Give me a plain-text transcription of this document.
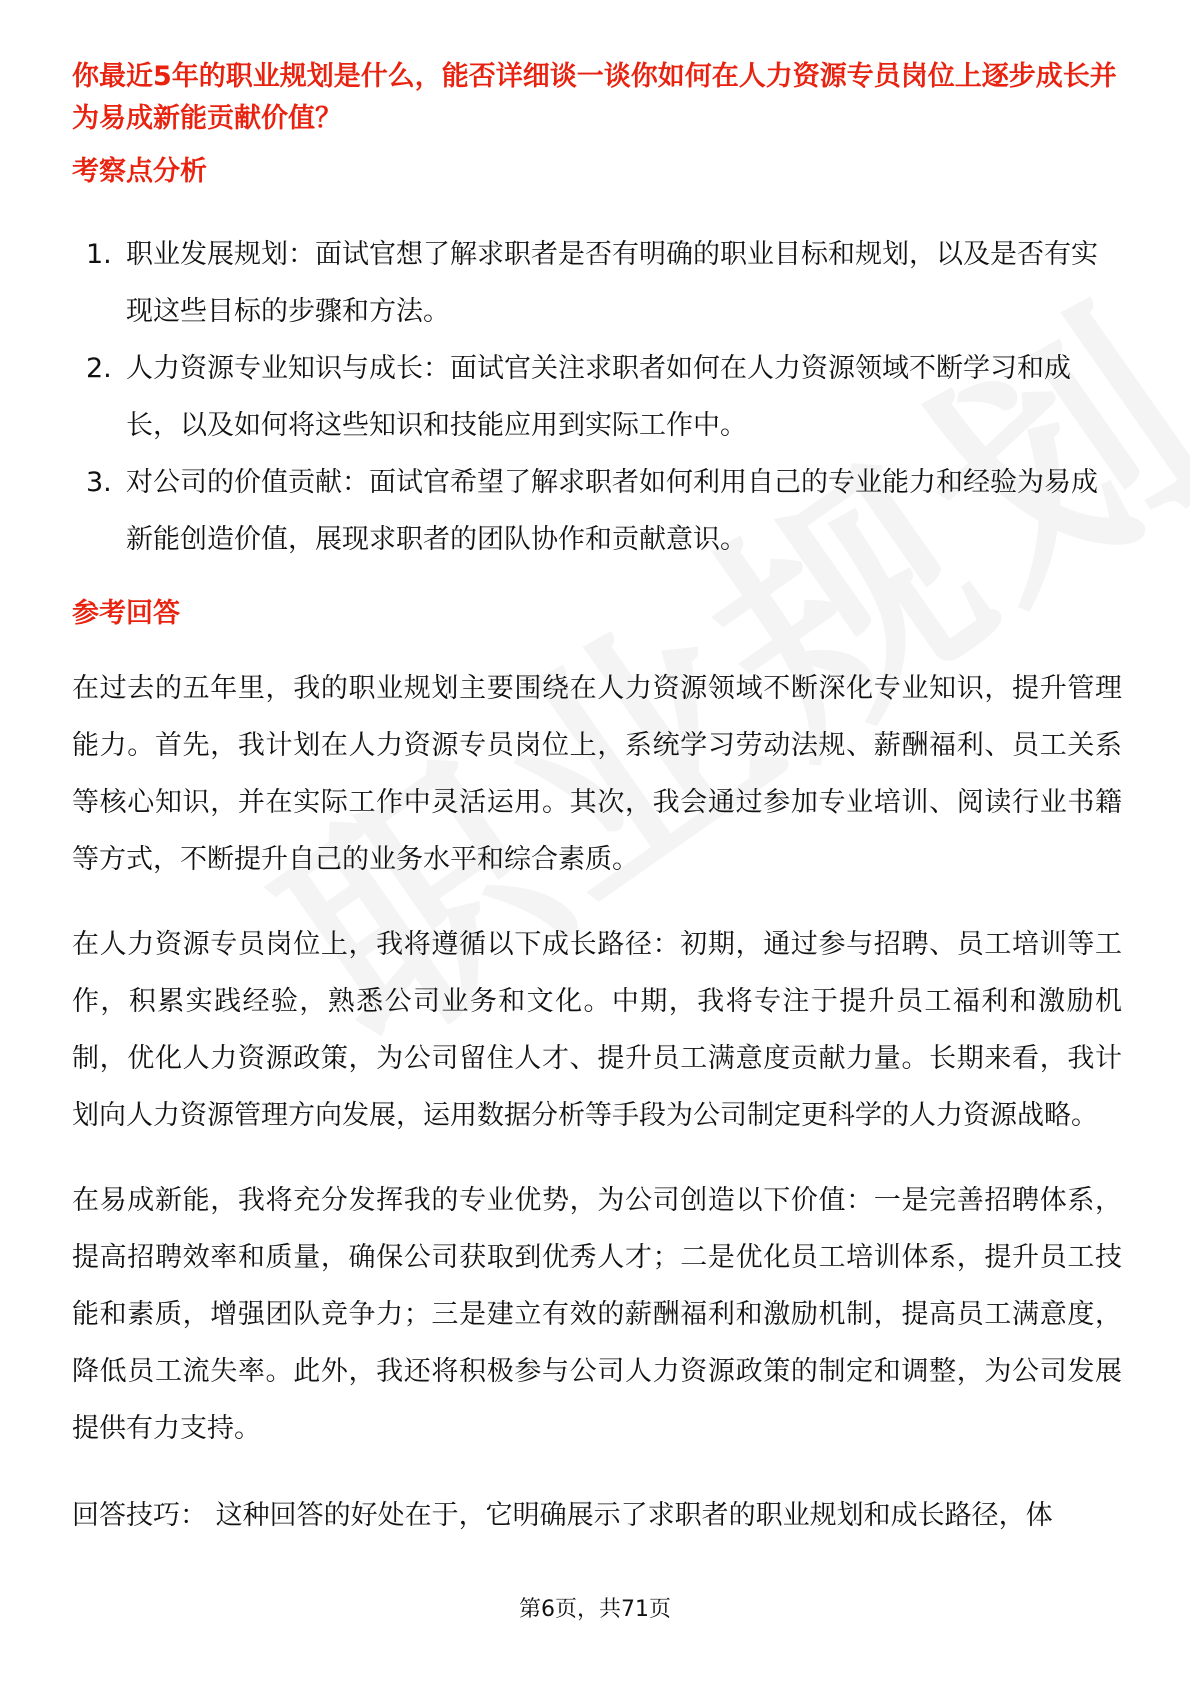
你最近5年的职业规划是什么，能否详细谈一谈你如何在人力资源专员岗位上逐步成长并为易成新能贡献价值？

考察点分析

1. 职业发展规划：面试官想了解求职者是否有明确的职业目标和规划，以及是否有实现这些目标的步骤和方法。
2. 人力资源专业知识与成长：面试官关注求职者如何在人力资源领域不断学习和成长，以及如何将这些知识和技能应用到实际工作中。
3. 对公司的价值贡献：面试官希望了解求职者如何利用自己的专业能力和经验为易成新能创造价值，展现求职者的团队协作和贡献意识。

参考回答

在过去的五年里，我的职业规划主要围绕在人力资源领域不断深化专业知识，提升管理能力。首先，我计划在人力资源专员岗位上，系统学习劳动法规、薪酬福利、员工关系等核心知识，并在实际工作中灵活运用。其次，我会通过参加专业培训、阅读行业书籍等方式，不断提升自己的业务水平和综合素质。

在人力资源专员岗位上，我将遵循以下成长路径：初期，通过参与招聘、员工培训等工作，积累实践经验，熟悉公司业务和文化。中期，我将专注于提升员工福利和激励机制，优化人力资源政策，为公司留住人才、提升员工满意度贡献力量。长期来看，我计划向人力资源管理方向发展，运用数据分析等手段为公司制定更科学的人力资源战略。

在易成新能，我将充分发挥我的专业优势，为公司创造以下价值：一是完善招聘体系，提高招聘效率和质量，确保公司获取到优秀人才；二是优化员工培训体系，提升员工技能和素质，增强团队竞争力；三是建立有效的薪酬福利和激励机制，提高员工满意度，降低员工流失率。此外，我还将积极参与公司人力资源政策的制定和调整，为公司发展提供有力支持。

回答技巧： 这种回答的好处在于，它明确展示了求职者的职业规划和成长路径，体

第6页，共71页
